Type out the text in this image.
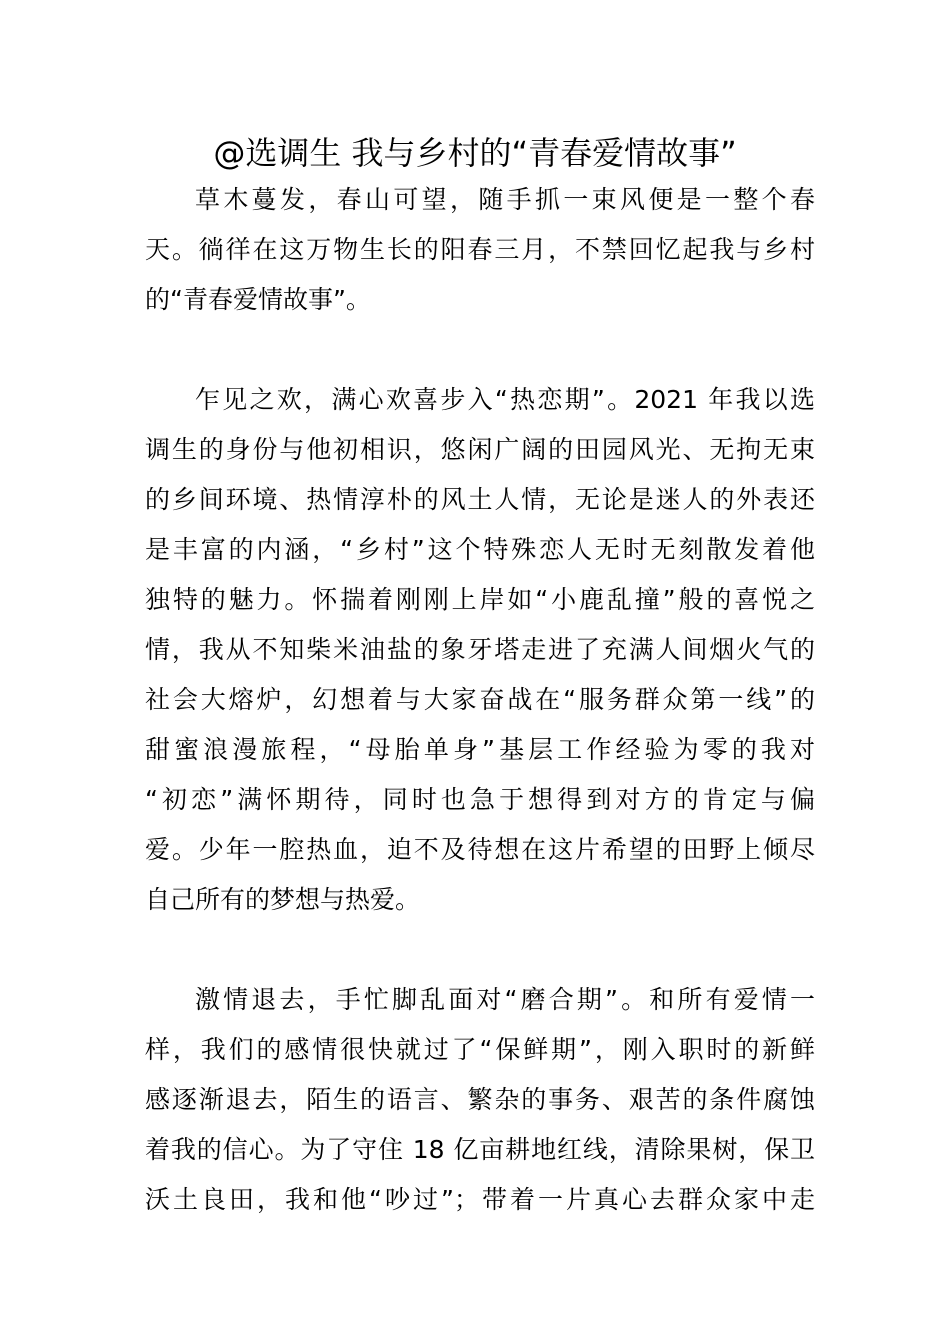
@选调生 我与乡村的“青春爱情故事”

草木蔓发，春山可望，随手抓一束风便是一整个春

天。徜徉在这万物生长的阳春三月，不禁回忆起我与乡村

的“青春爱情故事”。

乍见之欢，满心欢喜步入“热恋期”。2021 年我以选

调生的身份与他初相识，悠闲广阔的田园风光、无拘无束

的乡间环境、热情淳朴的风土人情，无论是迷人的外表还

是丰富的内涵，“乡村”这个特殊恋人无时无刻散发着他

独特的魅力。怀揣着刚刚上岸如“小鹿乱撞”般的喜悦之

情，我从不知柴米油盐的象牙塔走进了充满人间烟火气的

社会大熔炉，幻想着与大家奋战在“服务群众第一线”的

甜蜜浪漫旅程，“母胎单身”基层工作经验为零的我对

“初恋”满怀期待，同时也急于想得到对方的肯定与偏

爱。少年一腔热血，迫不及待想在这片希望的田野上倾尽

自己所有的梦想与热爱。

激情退去，手忙脚乱面对“磨合期”。和所有爱情一

样，我们的感情很快就过了“保鲜期”，刚入职时的新鲜

感逐渐退去，陌生的语言、繁杂的事务、艰苦的条件腐蚀

着我的信心。为了守住 18 亿亩耕地红线，清除果树，保卫

沃土良田，我和他“吵过”；带着一片真心去群众家中走
